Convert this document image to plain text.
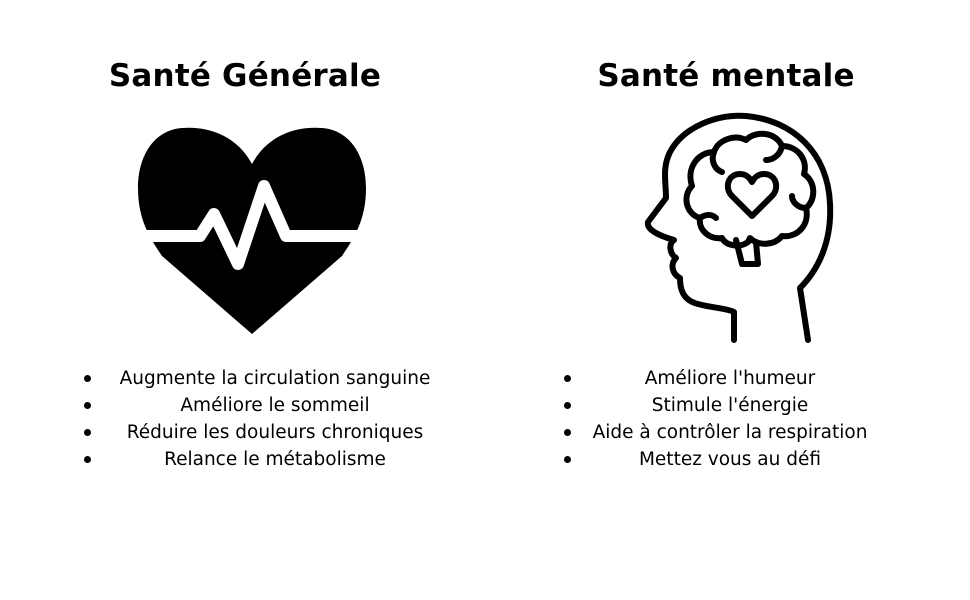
Santé Générale
Augmente la circulation sanguine
Améliore le sommeil
Réduire les douleurs chroniques
Relance le métabolisme
Santé mentale
Améliore l'humeur
Stimule l'énergie
Aide à contrôler la respiration
Mettez vous au défi
